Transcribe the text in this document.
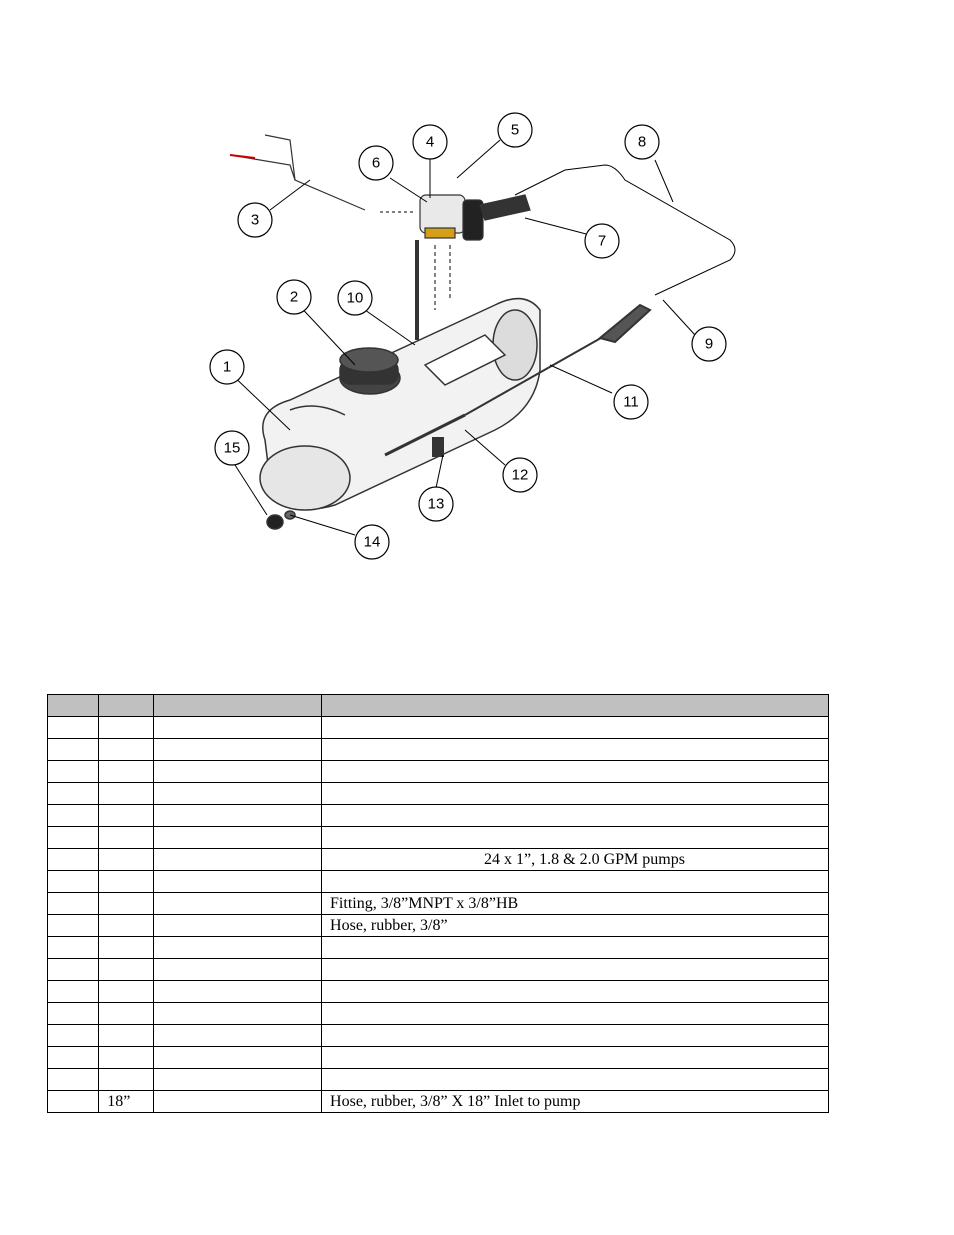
1
2
3
4
5
6
7
8
9
10
11
12
13
14
15

			24 x 1”, 1.8 & 2.0 GPM pumps

			Fitting, 3/8”MNPT x 3/8”HB
			Hose, rubber, 3/8”

	18”		Hose, rubber, 3/8” X 18” Inlet to pump
